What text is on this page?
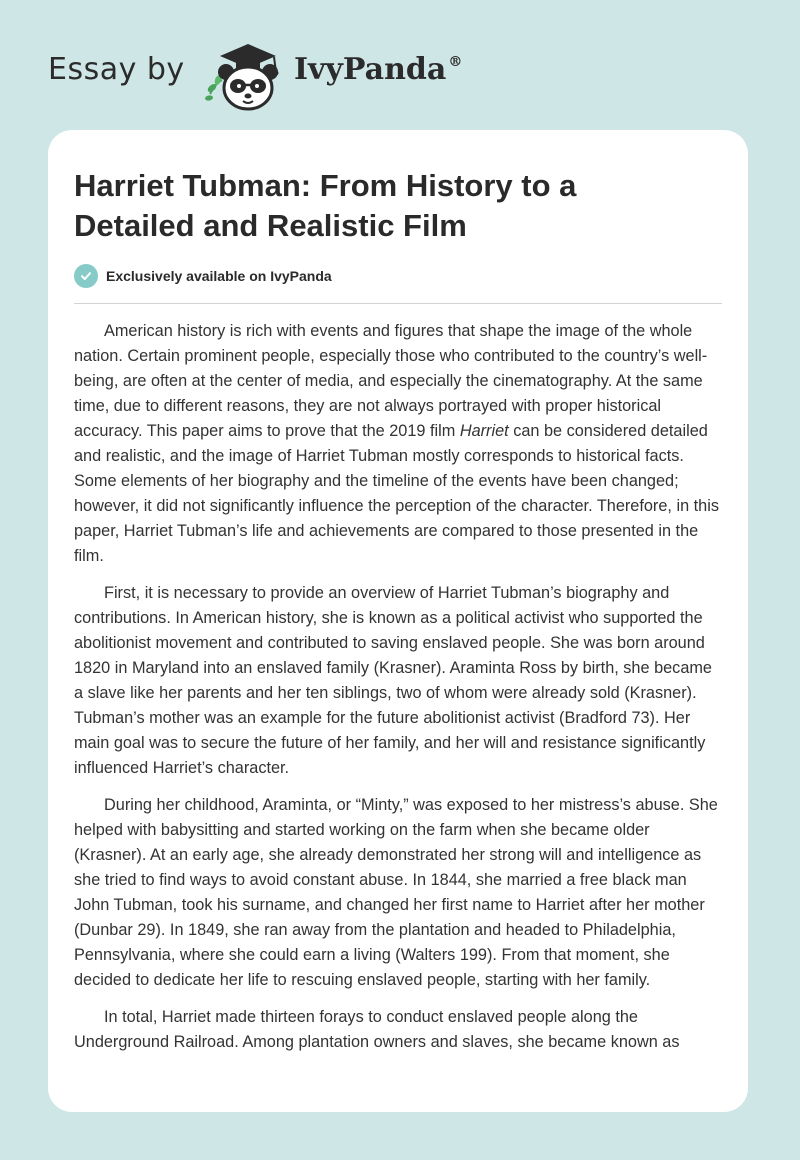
Essay by	IvyPanda ®
Harriet Tubman: From History to a Detailed and Realistic Film
Exclusively available on IvyPanda

American history is rich with events and figures that shape the image of the whole nation. Certain prominent people, especially those who contributed to the country’s well-being, are often at the center of media, and especially the cinematography. At the same time, due to different reasons, they are not always portrayed with proper historical accuracy. This paper aims to prove that the 2019 film Harriet can be considered detailed and realistic, and the image of Harriet Tubman mostly corresponds to historical facts. Some elements of her biography and the timeline of the events have been changed; however, it did not significantly influence the perception of the character. Therefore, in this paper, Harriet Tubman’s life and achievements are compared to those presented in the film.

First, it is necessary to provide an overview of Harriet Tubman’s biography and contributions. In American history, she is known as a political activist who supported the abolitionist movement and contributed to saving enslaved people. She was born around 1820 in Maryland into an enslaved family (Krasner). Araminta Ross by birth, she became a slave like her parents and her ten siblings, two of whom were already sold (Krasner). Tubman’s mother was an example for the future abolitionist activist (Bradford 73). Her main goal was to secure the future of her family, and her will and resistance significantly influenced Harriet’s character.

During her childhood, Araminta, or “Minty,” was exposed to her mistress’s abuse. She helped with babysitting and started working on the farm when she became older (Krasner). At an early age, she already demonstrated her strong will and intelligence as she tried to find ways to avoid constant abuse. In 1844, she married a free black man John Tubman, took his surname, and changed her first name to Harriet after her mother (Dunbar 29). In 1849, she ran away from the plantation and headed to Philadelphia, Pennsylvania, where she could earn a living (Walters 199). From that moment, she decided to dedicate her life to rescuing enslaved people, starting with her family.

In total, Harriet made thirteen forays to conduct enslaved people along the Underground Railroad. Among plantation owners and slaves, she became known as
